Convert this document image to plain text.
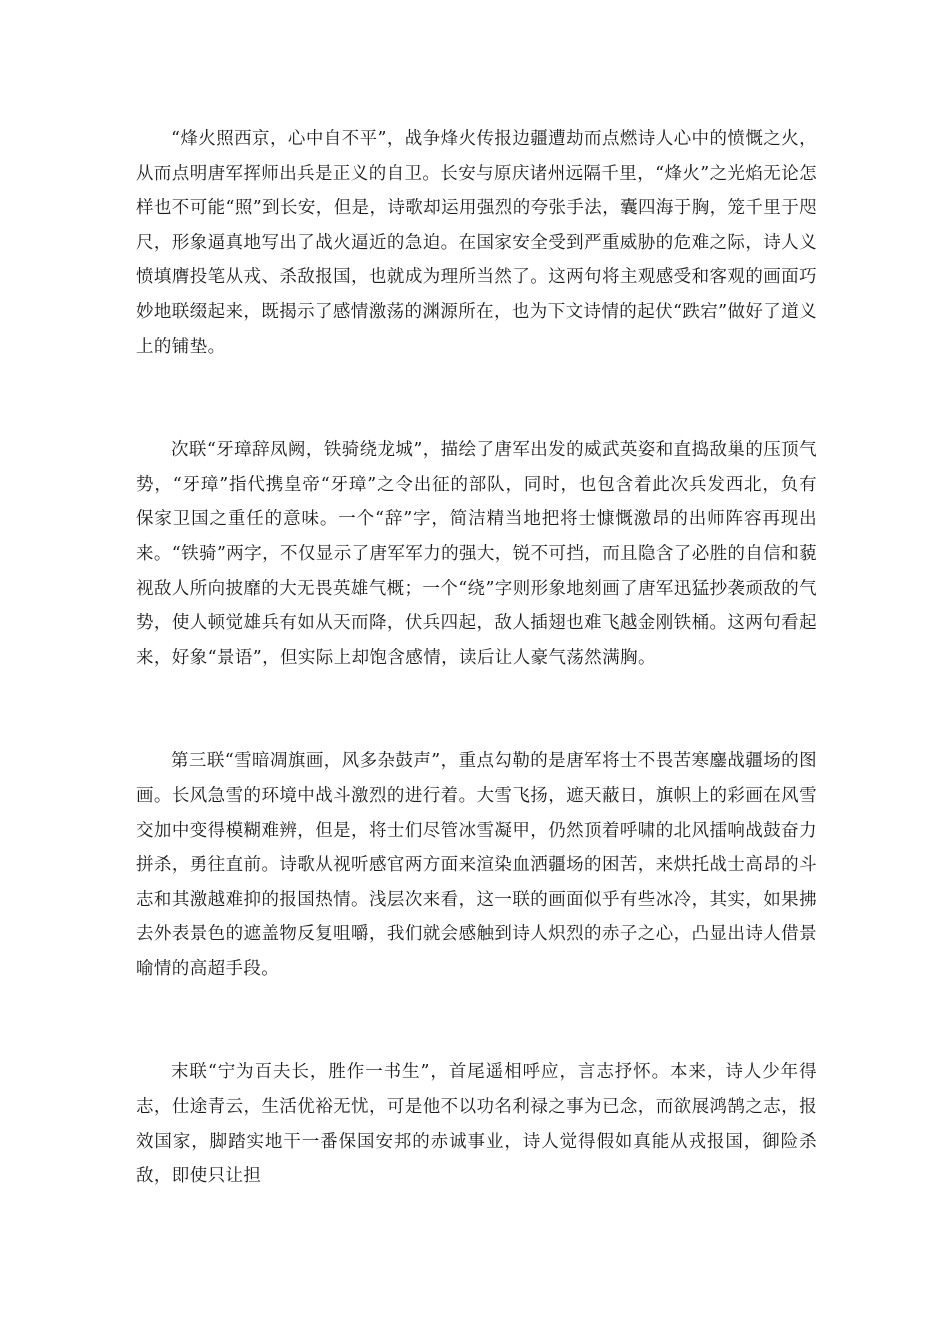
“烽火照西京，心中自不平”，战争烽火传报边疆遭劫而点燃诗人心中的愤慨之火，从而点明唐军挥师出兵是正义的自卫。长安与原庆诸州远隔千里，“烽火”之光焰无论怎样也不可能“照”到长安，但是，诗歌却运用强烈的夸张手法，囊四海于胸，笼千里于咫尺，形象逼真地写出了战火逼近的急迫。在国家安全受到严重威胁的危难之际，诗人义愤填膺投笔从戎、杀敌报国，也就成为理所当然了。这两句将主观感受和客观的画面巧妙地联缀起来，既揭示了感情激荡的渊源所在，也为下文诗情的起伏“跌宕”做好了道义上的铺垫。

次联“牙璋辞凤阙，铁骑绕龙城”，描绘了唐军出发的威武英姿和直捣敌巢的压顶气势，“牙璋”指代携皇帝“牙璋”之令出征的部队，同时，也包含着此次兵发西北，负有保家卫国之重任的意味。一个“辞”字，简洁精当地把将士慷慨激昂的出师阵容再现出来。“铁骑”两字，不仅显示了唐军军力的强大，锐不可挡，而且隐含了必胜的自信和藐视敌人所向披靡的大无畏英雄气概；一个“绕”字则形象地刻画了唐军迅猛抄袭顽敌的气势，使人顿觉雄兵有如从天而降，伏兵四起，敌人插翅也难飞越金刚铁桶。这两句看起来，好象“景语”，但实际上却饱含感情，读后让人豪气荡然满胸。

第三联“雪暗凋旗画，风多杂鼓声”，重点勾勒的是唐军将士不畏苦寒鏖战疆场的图画。长风急雪的环境中战斗激烈的进行着。大雪飞扬，遮天蔽日，旗帜上的彩画在风雪交加中变得模糊难辨，但是，将士们尽管冰雪凝甲，仍然顶着呼啸的北风擂响战鼓奋力拼杀，勇往直前。诗歌从视听感官两方面来渲染血洒疆场的困苦，来烘托战士高昂的斗志和其激越难抑的报国热情。浅层次来看，这一联的画面似乎有些冰冷，其实，如果拂去外表景色的遮盖物反复咀嚼，我们就会感触到诗人炽烈的赤子之心，凸显出诗人借景喻情的高超手段。

末联“宁为百夫长，胜作一书生”，首尾遥相呼应，言志抒怀。本来，诗人少年得志，仕途青云，生活优裕无忧，可是他不以功名利禄之事为已念，而欲展鸿鹄之志，报效国家，脚踏实地干一番保国安邦的赤诚事业，诗人觉得假如真能从戎报国，御险杀敌，即使只让担
